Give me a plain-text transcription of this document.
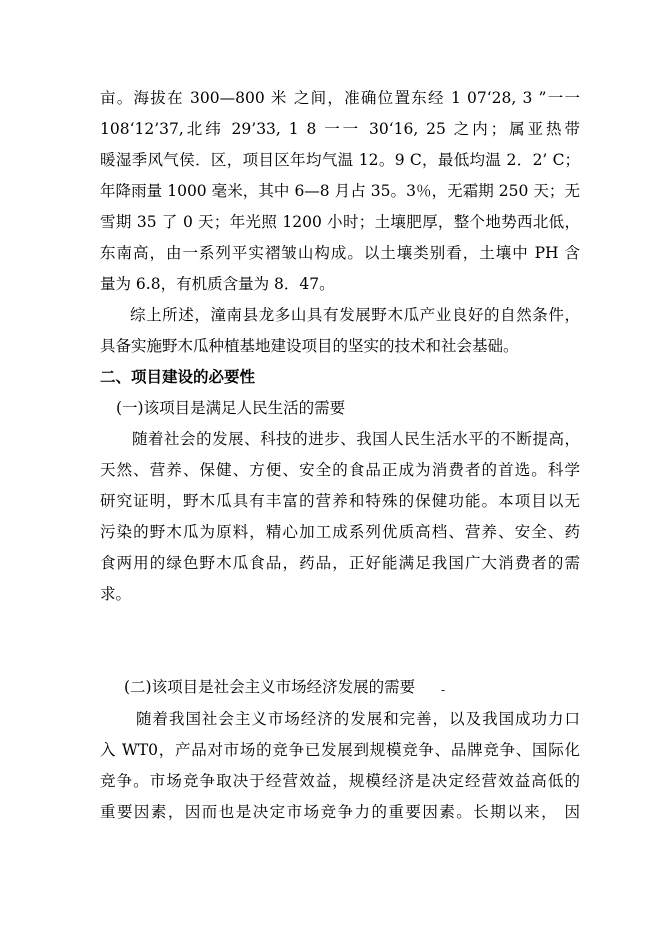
亩。海拔在 300—800 米 之间，准确位置东经 1 07‘28, 3 ”一一
108‘12’37,北纬 29’33, 1 8 一一 30‘16, 25 之内；属亚热带
暖湿季风气侯．区，项目区年均气温 12。9 C，最低均温 2．2’ C；
年降雨量 1000 毫米，其中 6—8 月占 35。3％，无霜期 250 天；无
雪期 35 了 0 天；年光照 1200 小时；土壤肥厚，整个地势西北低，
东南高，由一系列平实褶皱山构成。以土壤类别看，土壤中 PH 含
量为 6.8，有机质含量为 8．47。
综上所述，潼南县龙多山具有发展野木瓜产业良好的自然条件，
具备实施野木瓜种植基地建设项目的坚实的技术和社会基础。
二、项目建设的必要性
(一)该项目是满足人民生活的需要
随着社会的发展、科技的进步、我国人民生活水平的不断提高，
天然、营养、保健、方便、安全的食品正成为消费者的首选。科学
研究证明，野木瓜具有丰富的营养和特殊的保健功能。本项目以无
污染的野木瓜为原料，精心加工成系列优质高档、营养、安全、药
食两用的绿色野木瓜食品，药品，正好能满足我国广大消费者的需
求。
(二)该项目是社会主义市场经济发展的需要	-
随着我国社会主义市场经济的发展和完善，以及我国成功力口
入 WT0，产品对市场的竞争已发展到规模竞争、品牌竞争、国际化
竞争。市场竞争取决于经营效益，规模经济是决定经营效益高低的
重要因素，因而也是决定市场竞争力的重要因素。长期以来， 因
